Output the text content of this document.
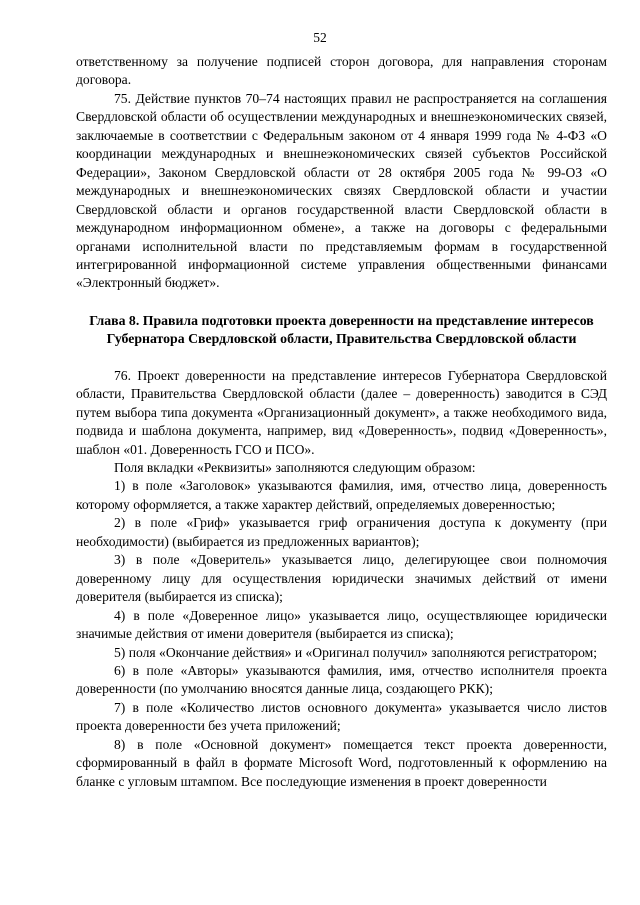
52

ответственному за получение подписей сторон договора, для направления сторонам договора.

75. Действие пунктов 70–74 настоящих правил не распространяется на соглашения Свердловской области об осуществлении международных и внешнеэкономических связей, заключаемые в соответствии с Федеральным законом от 4 января 1999 года № 4-ФЗ «О координации международных и внешнеэкономических связей субъектов Российской Федерации», Законом Свердловской области от 28 октября 2005 года № 99-ОЗ «О международных и внешнеэкономических связях Свердловской области и участии Свердловской области и органов государственной власти Свердловской области в международном информационном обмене», а также на договоры с федеральными органами исполнительной власти по представляемым формам в государственной интегрированной информационной системе управления общественными финансами «Электронный бюджет».

Глава 8. Правила подготовки проекта доверенности на представление интересов Губернатора Свердловской области, Правительства Свердловской области

76. Проект доверенности на представление интересов Губернатора Свердловской области, Правительства Свердловской области (далее – доверенность) заводится в СЭД путем выбора типа документа «Организационный документ», а также необходимого вида, подвида и шаблона документа, например, вид «Доверенность», подвид «Доверенность», шаблон «01. Доверенность ГСО и ПСО».

Поля вкладки «Реквизиты» заполняются следующим образом:

1) в поле «Заголовок» указываются фамилия, имя, отчество лица, доверенность которому оформляется, а также характер действий, определяемых доверенностью;

2) в поле «Гриф» указывается гриф ограничения доступа к документу (при необходимости) (выбирается из предложенных вариантов);

3) в поле «Доверитель» указывается лицо, делегирующее свои полномочия доверенному лицу для осуществления юридически значимых действий от имени доверителя (выбирается из списка);

4) в поле «Доверенное лицо» указывается лицо, осуществляющее юридически значимые действия от имени доверителя (выбирается из списка);

5) поля «Окончание действия» и «Оригинал получил» заполняются регистратором;

6) в поле «Авторы» указываются фамилия, имя, отчество исполнителя проекта доверенности (по умолчанию вносятся данные лица, создающего РКК);

7) в поле «Количество листов основного документа» указывается число листов проекта доверенности без учета приложений;

8) в поле «Основной документ» помещается текст проекта доверенности, сформированный в файл в формате Microsoft Word, подготовленный к оформлению на бланке с угловым штампом. Все последующие изменения в проект доверенности
